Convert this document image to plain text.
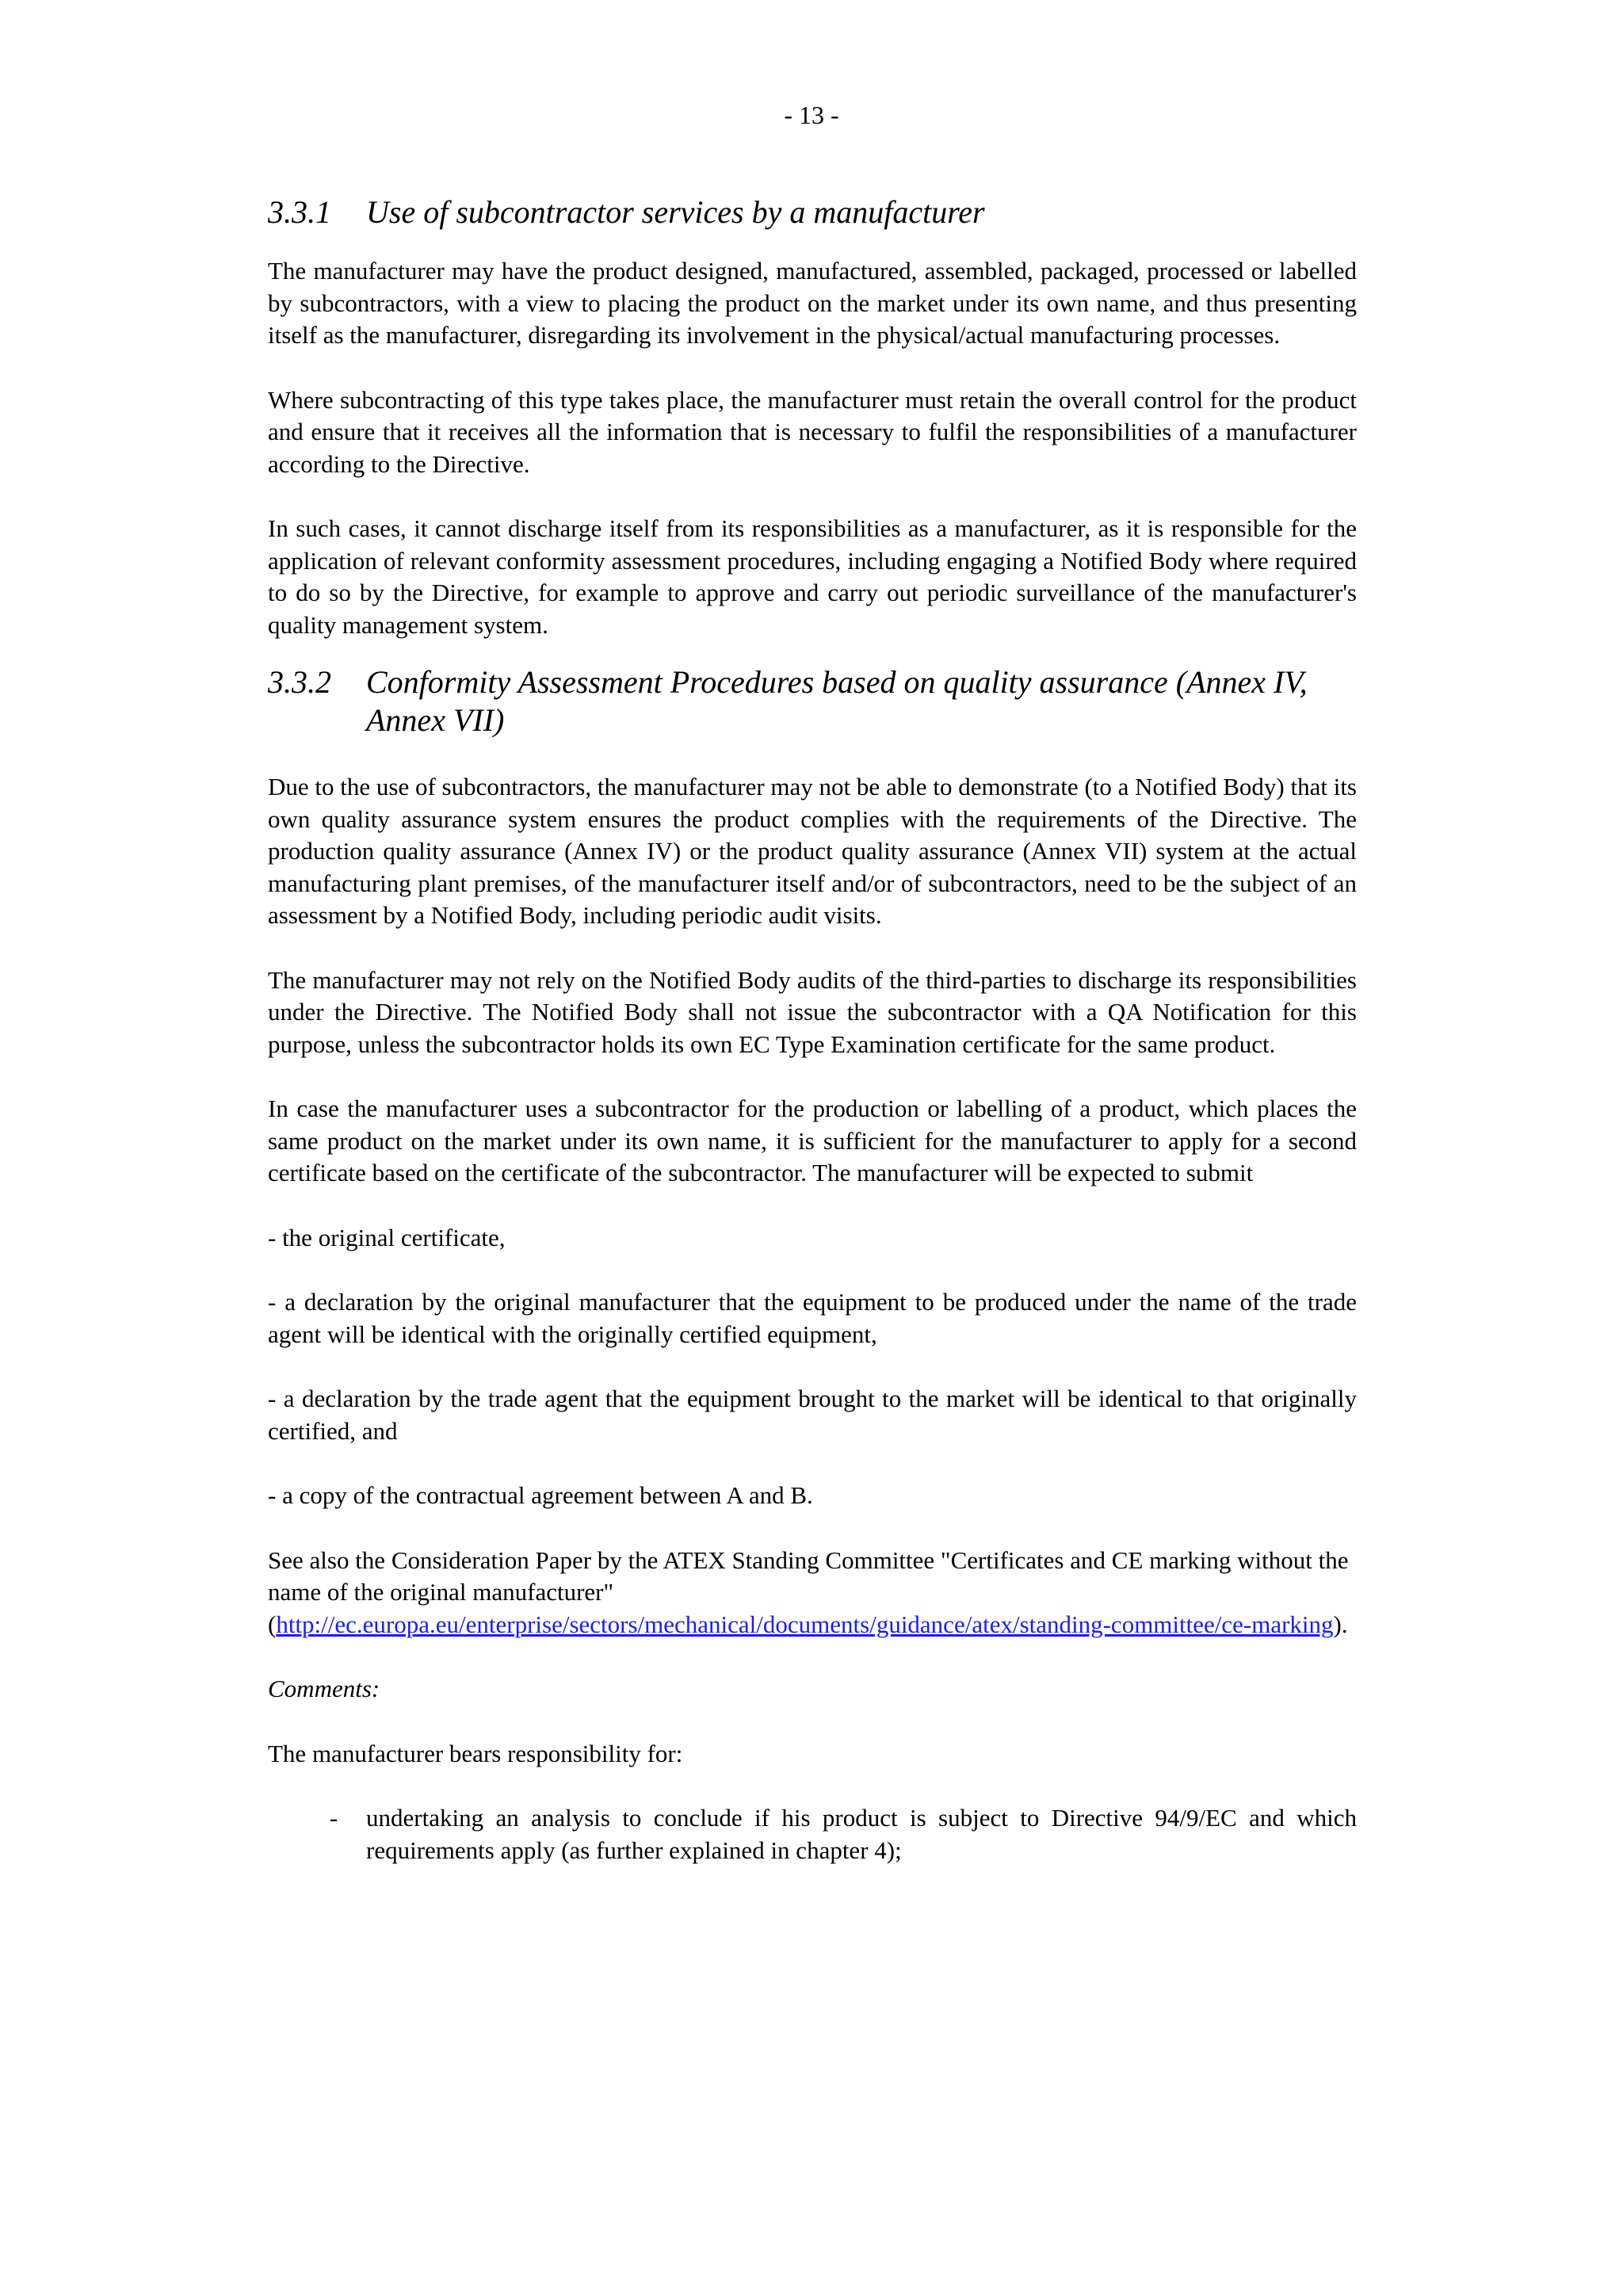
- 13 -
3.3.1	Use of subcontractor services by a manufacturer

The manufacturer may have the product designed, manufactured, assembled, packaged, processed or labelled by subcontractors, with a view to placing the product on the market under its own name, and thus presenting itself as the manufacturer, disregarding its involvement in the physical/actual manufacturing processes.

Where subcontracting of this type takes place, the manufacturer must retain the overall control for the product and ensure that it receives all the information that is necessary to fulfil the responsibilities of a manufacturer according to the Directive.

In such cases, it cannot discharge itself from its responsibilities as a manufacturer, as it is responsible for the application of relevant conformity assessment procedures, including engaging a Notified Body where required to do so by the Directive, for example to approve and carry out periodic surveillance of the manufacturer's quality management system.

3.3.2	Conformity Assessment Procedures based on quality assurance (Annex IV, Annex VII)

Due to the use of subcontractors, the manufacturer may not be able to demonstrate (to a Notified Body) that its own quality assurance system ensures the product complies with the requirements of the Directive. The production quality assurance (Annex IV) or the product quality assurance (Annex VII) system at the actual manufacturing plant premises, of the manufacturer itself and/or of subcontractors, need to be the subject of an assessment by a Notified Body, including periodic audit visits.

The manufacturer may not rely on the Notified Body audits of the third-parties to discharge its responsibilities under the Directive. The Notified Body shall not issue the subcontractor with a QA Notification for this purpose, unless the subcontractor holds its own EC Type Examination certificate for the same product.

In case the manufacturer uses a subcontractor for the production or labelling of a product, which places the same product on the market under its own name, it is sufficient for the manufacturer to apply for a second certificate based on the certificate of the subcontractor. The manufacturer will be expected to submit

- the original certificate,

- a declaration by the original manufacturer that the equipment to be produced under the name of the trade agent will be identical with the originally certified equipment,

- a declaration by the trade agent that the equipment brought to the market will be identical to that originally certified, and

- a copy of the contractual agreement between A and B.

See also the Consideration Paper by the ATEX Standing Committee "Certificates and CE marking without the name of the original manufacturer"
(http://ec.europa.eu/enterprise/sectors/mechanical/documents/guidance/atex/standing-committee/ce-marking).

Comments:

The manufacturer bears responsibility for:

-	undertaking an analysis to conclude if his product is subject to Directive 94/9/EC and which requirements apply (as further explained in chapter 4);
